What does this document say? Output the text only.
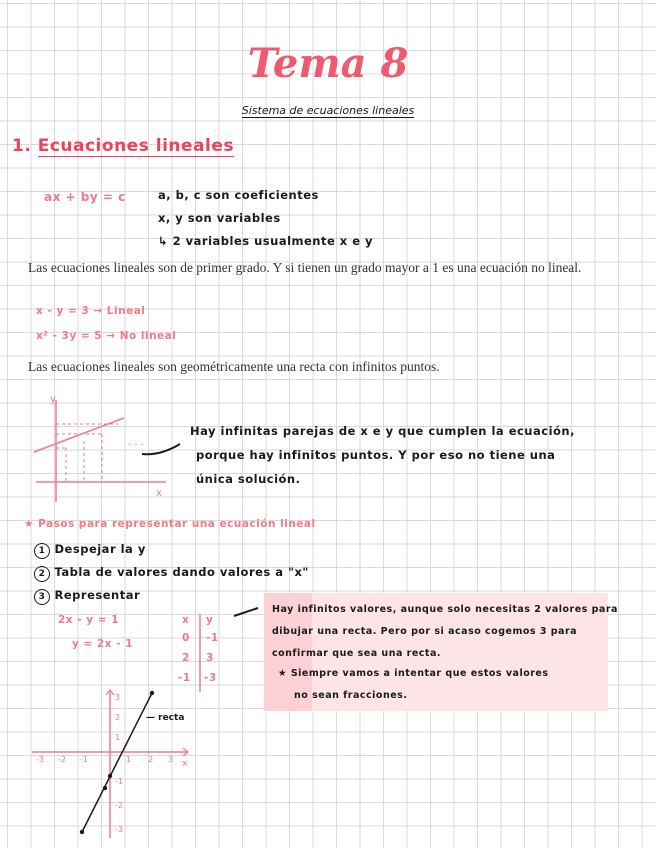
Tema 8
Sistema de ecuaciones lineales
1. Ecuaciones lineales
ax + by = c	a, b, c son coeficientes
x, y son variables
↳ 2 variables usualmente x e y
Las ecuaciones lineales son de primer grado. Y si tienen un grado mayor a 1 es una ecuación no lineal.
x - y = 3 → Lineal
x² - 3y = 5 → No lineal
Las ecuaciones lineales son geométricamente una recta con infinitos puntos.
· · ·
y
x
Hay infinitas parejas de x e y que cumplen la ecuación,
porque hay infinitos puntos. Y por eso no tiene una
única solución.
★ Pasos para representar una ecuación lineal
1 Despejar la y
2 Tabla de valores dando valores a "x"
3 Representar
2x - y = 1
y = 2x - 1
x y
0 -1
2 3
-1 -3
Hay infinitos valores, aunque solo necesitas 2 valores para
dibujar una recta. Pero por si acaso cogemos 3 para
confirmar que sea una recta.
★ Siempre vamos a intentar que estos valores
no sean fracciones.
-3 -2 -1	1 2 3
3
2
1
-1
-2
-3
x
— recta
